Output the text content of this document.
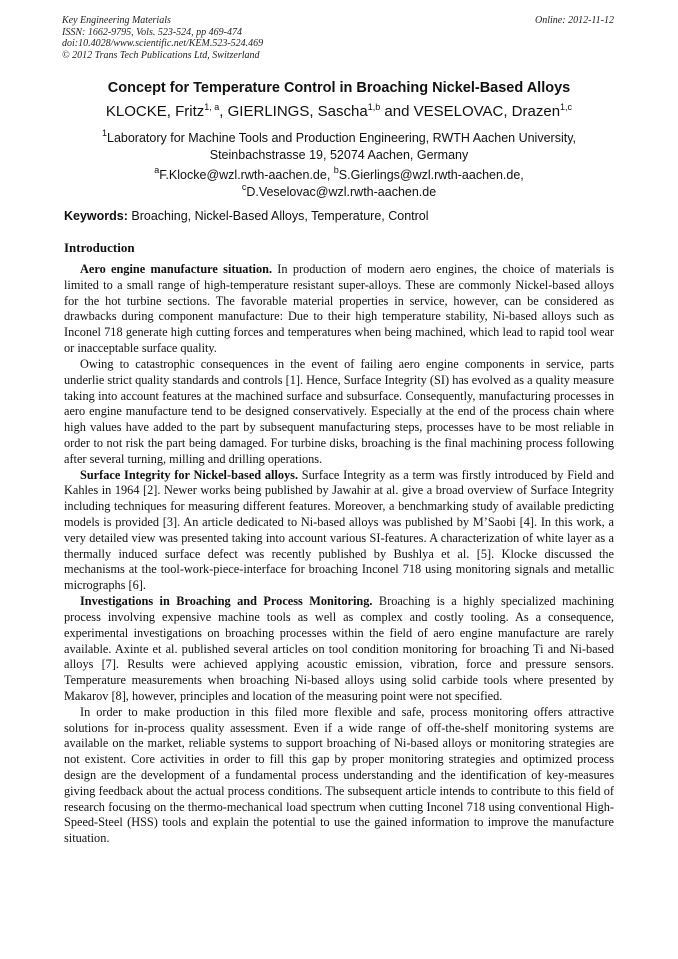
Key Engineering Materials
ISSN: 1662-9795, Vols. 523-524, pp 469-474
doi:10.4028/www.scientific.net/KEM.523-524.469
© 2012 Trans Tech Publications Ltd, Switzerland
Online: 2012-11-12
Concept for Temperature Control in Broaching Nickel-Based Alloys
KLOCKE, Fritz$^{1, a}$, GIERLINGS, Sascha$^{1,b}$ and VESELOVAC, Drazen$^{1,c}$
$^1$Laboratory for Machine Tools and Production Engineering, RWTH Aachen University,
Steinbachstrasse 19, 52074 Aachen, Germany
$^a$F.Klocke@wzl.rwth-aachen.de, $^b$S.Gierlings@wzl.rwth-aachen.de,
$^c$D.Veselovac@wzl.rwth-aachen.de
Keywords: Broaching, Nickel-Based Alloys, Temperature, Control
Introduction

Aero engine manufacture situation. In production of modern aero engines, the choice of materials is limited to a small range of high-temperature resistant super-alloys. These are commonly Nickel-based alloys for the hot turbine sections. The favorable material properties in service, however, can be considered as drawbacks during component manufacture: Due to their high temperature stability, Ni-based alloys such as Inconel 718 generate high cutting forces and temperatures when being machined, which lead to rapid tool wear or inacceptable surface quality.

Owing to catastrophic consequences in the event of failing aero engine components in service, parts underlie strict quality standards and controls [1]. Hence, Surface Integrity (SI) has evolved as a quality measure taking into account features at the machined surface and subsurface. Consequently, manufacturing processes in aero engine manufacture tend to be designed conservatively. Especially at the end of the process chain where high values have added to the part by subsequent manufacturing steps, processes have to be most reliable in order to not risk the part being damaged. For turbine disks, broaching is the final machining process following after several turning, milling and drilling operations.

Surface Integrity for Nickel-based alloys. Surface Integrity as a term was firstly introduced by Field and Kahles in 1964 [2]. Newer works being published by Jawahir at al. give a broad overview of Surface Integrity including techniques for measuring different features. Moreover, a benchmarking study of available predicting models is provided [3]. An article dedicated to Ni-based alloys was published by M’Saobi [4]. In this work, a very detailed view was presented taking into account various SI-features. A characterization of white layer as a thermally induced surface defect was recently published by Bushlya et al. [5]. Klocke discussed the mechanisms at the tool-work-piece-interface for broaching Inconel 718 using monitoring signals and metallic micrographs [6].

Investigations in Broaching and Process Monitoring. Broaching is a highly specialized machining process involving expensive machine tools as well as complex and costly tooling. As a consequence, experimental investigations on broaching processes within the field of aero engine manufacture are rarely available. Axinte et al. published several articles on tool condition monitoring for broaching Ti and Ni-based alloys [7]. Results were achieved applying acoustic emission, vibration, force and pressure sensors. Temperature measurements when broaching Ni-based alloys using solid carbide tools where presented by Makarov [8], however, principles and location of the measuring point were not specified.

In order to make production in this filed more flexible and safe, process monitoring offers attractive solutions for in-process quality assessment. Even if a wide range of off-the-shelf monitoring systems are available on the market, reliable systems to support broaching of Ni-based alloys or monitoring strategies are not existent. Core activities in order to fill this gap by proper monitoring strategies and optimized process design are the development of a fundamental process understanding and the identification of key-measures giving feedback about the actual process conditions. The subsequent article intends to contribute to this field of research focusing on the thermo-mechanical load spectrum when cutting Inconel 718 using conventional High-Speed-Steel (HSS) tools and explain the potential to use the gained information to improve the manufacture situation.
